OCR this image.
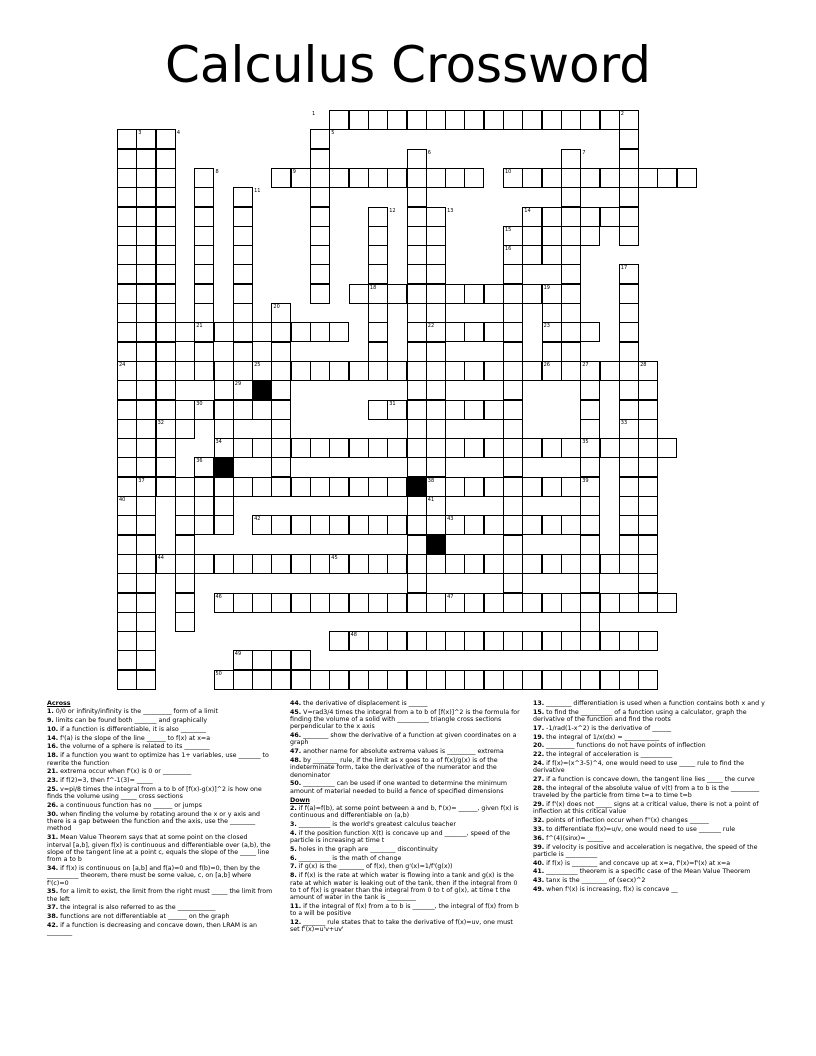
Calculus Crossword
1	2
3	4	5
6	7
8	9	10
11
12	13	14
15
16
17
18	19
20
21	22	23
24	25	26	27	28
29
30	31
32	33
34	35
36
37	38	39
40	41
42	43
44	45
46	47
48
49
50
Across
1. 0/0 or infinity/infinity is the _________ form of a limit
9. limits can be found both _______ and graphically
10. if a function is differentiable, it is also ________
14. f'(a) is the slope of the line ______ to f(x) at x=a
16. the volume of a sphere is related to its ________
18. if a function you want to optimize has 1+ variables, use _______ to rewrite the function
21. extrema occur when f'(x) is 0 or _________
23. if f(2)=3, then f^-1(3)= _____
25. v=pi/8 times the integral from a to b of [f(x)-g(x)]^2 is how one finds the volume using _____ cross sections
26. a continuous function has no ______ or jumps
30. when finding the volume by rotating around the x or y axis and there is a gap between the function and the axis, use the ________ method
31. Mean Value Theorem says that at some point on the closed interval [a,b], given f(x) is continuous and differentiable over (a,b), the slope of the tangent line at a point c, equals the slope of the _____ line from a to b
34. if f(x) is continuous on [a,b] and f(a)=0 and f(b)=0, then by the __________ theorem, there must be some value, c, on [a,b] where f'(c)=0
35. for a limit to exist, the limit from the right must _____ the limit from the left
37. the integral is also referred to as the ____________
38. functions are not differentiable at ______ on the graph
42. if a function is decreasing and concave down, then LRAM is an ________
44. the derivative of displacement is ______
45. V=rad3/4 times the integral from a to b of [f(x)]^2 is the formula for finding the volume of a solid with __________ triangle cross sections perpendicular to the x axis
46. ________ show the derivative of a function at given coordinates on a graph
47. another name for absolute extrema values is _________ extrema
48. by ________ rule, if the limit as x goes to a of f(x)/g(x) is of the indeterminate form, take the derivative of the numerator and the denominator
50. __________ can be used if one wanted to determine the minimum amount of material needed to build a fence of specified dimensions
Down
2. if f(a)=f(b), at some point between a and b, f'(x)= ______, given f(x) is continuous and differentiable on (a,b)
3. __________ is the world's greatest calculus teacher
4. if the position function X(t) is concave up and _______, speed of the particle is increasing at time t
5. holes in the graph are ________ discontinuity
6. __________ is the math of change
7. if g(x) is the ________ of f(x), then g'(x)=1/f'(g(x))
8. if f(x) is the rate at which water is flowing into a tank and g(x) is the rate at which water is leaking out of the tank, then if the integral from 0 to t of f(x) is greater than the integral from 0 to t of g(x), at time t the amount of water in the tank is _________
11. if the integral of f(x) from a to b is _______, the integral of f(x) from b to a will be positive
12. _______ rule states that to take the derivative of f(x)=uv, one must set f'(x)=u'v+uv'
13. ________ differentiation is used when a function contains both x and y
15. to find the __________ of a function using a calculator, graph the derivative of the function and find the roots
17. -1/rad(1-x^2) is the derivative of ______
19. the integral of 1/x(dx) = ___________
20. _________ functions do not have points of inflection
22. the integral of acceleration is __________
24. if f(x)=(x^3-5)^4, one would need to use _____ rule to find the derivative
27. if a function is concave down, the tangent line lies _____ the curve
28. the integral of the absolute value of v(t) from a to b is the _________ traveled by the particle from time t=a to time t=b
29. if f'(x) does not _____ signs at a critical value, there is not a point of inflection at this critical value
32. points of inflection occur when f''(x) changes ______
33. to differentiate f(x)=u/v, one would need to use _______ rule
36. f^(4)(sinx)= _____
39. if velocity is positive and acceleration is negative, the speed of the particle is __________
40. if f(x) is ________ and concave up at x=a, f'(x)=f'(x) at x=a
41. __________ theorem is a specific case of the Mean Value Theorem
43. tanx is the ________ of (secx)^2
49. when f'(x) is increasing, f(x) is concave __
